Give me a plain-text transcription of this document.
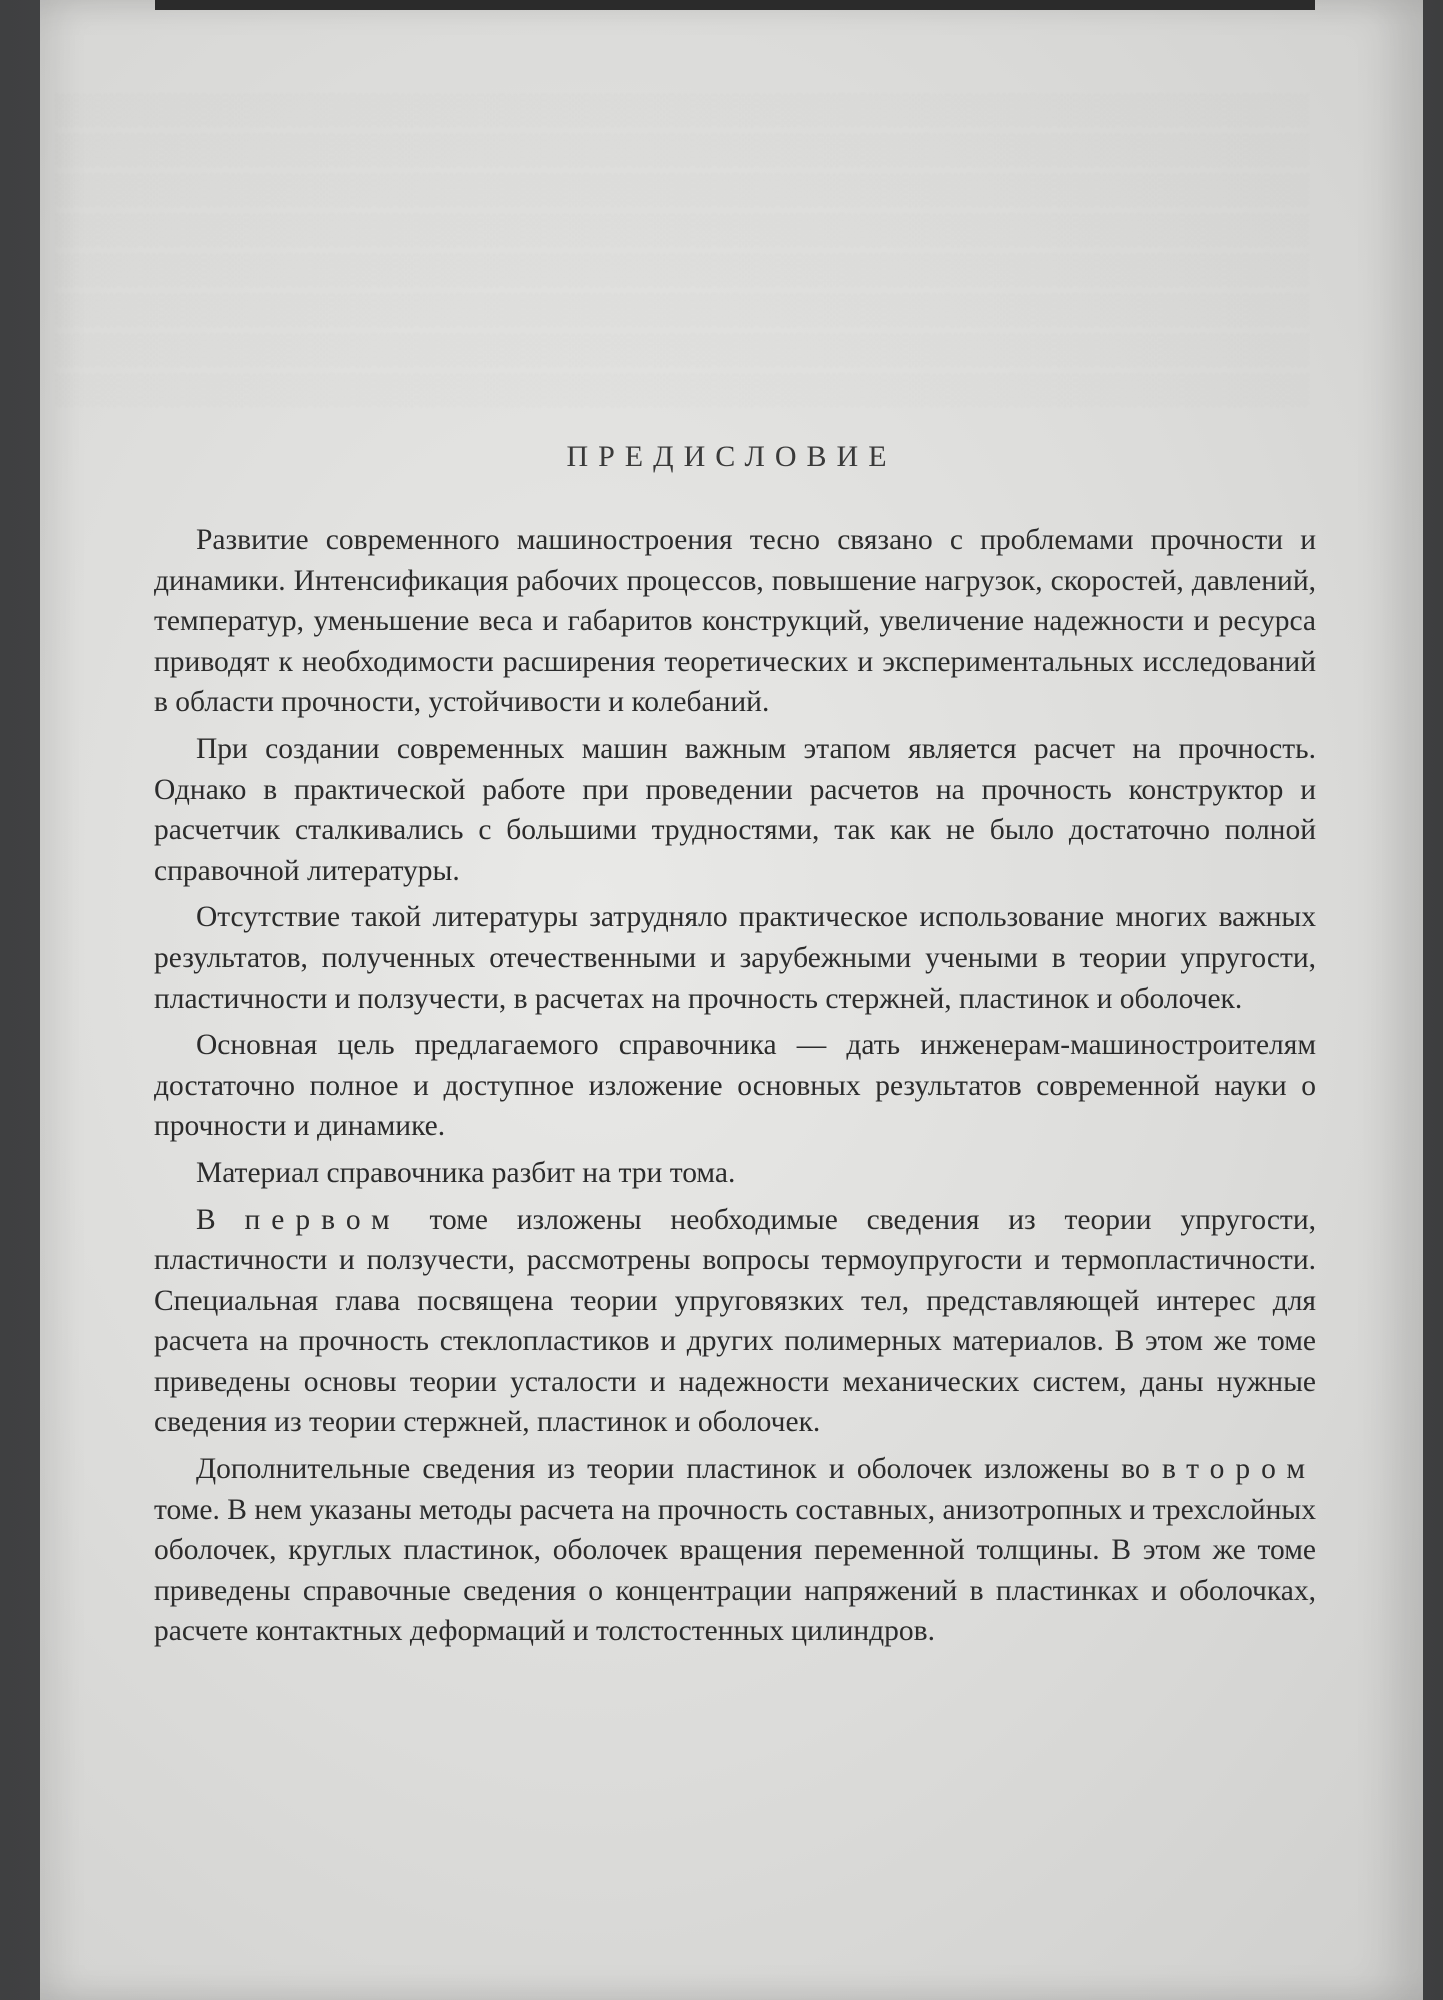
░░░░░░░░░░░░░░░░░░░░░░░░░░░░░░░░░░░░░░░░░░░░░░░░░░░░░░░░░░░
░░░░░░░░░░░░░░░░░░░░░░░░░░░░░░░░░░░░░░░░░░░░░░░░░░░░░░░░░░░
░░░░░░░░░░░░░░░░░░░░░░░░░░░░░░░░░░░░░░░░░░░░░░░░░░░░░░░░░░░
░░░░░░░░░░░░░░░░░░░░░░░░░░░░░░░░░░░░░░░░░░░░░░░░░░░░░░░░░░░
░░░░░░░░░░░░░░░░░░░░░░░░░░░░░░░░░░░░░░░░░░░░░░░░░░░░░░░░░░░
░░░░░░░░░░░░░░░░░░░░░░░░░░░░░░░░░░░░░░░░░░░░░░░░░░░░░░░░░░░
░░░░░░░░░░░░░░░░░░░░░░░░░░░░░░░░░░░░░░░░░░░░░░░░░░░░░░░░░░░
░░░░░░░░░░░░░░░░░░░░░░░░░░░░░░░░░░░░░░░░░░░░░░░░░░░░░░░░░░░
ПРЕДИСЛОВИЕ

Развитие современного машиностроения тесно связано с проблемами прочности и динамики. Интенсификация рабочих процессов, повышение нагрузок, скоростей, давлений, температур, уменьшение веса и габаритов конструкций, увеличение надежности и ресурса приводят к необходимости расширения теоретических и экспериментальных исследований в области прочности, устойчивости и колебаний.

При создании современных машин важным этапом является расчет на прочность. Однако в практической работе при проведении расчетов на прочность конструктор и расчетчик сталкивались с большими трудностями, так как не было достаточно полной справочной литературы.

Отсутствие такой литературы затрудняло практическое использование многих важных результатов, полученных отечественными и зарубежными учеными в теории упругости, пластичности и ползучести, в расчетах на прочность стержней, пластинок и оболочек.

Основная цель предлагаемого справочника — дать инженерам-машиностроителям достаточно полное и доступное изложение основных результатов современной науки о прочности и динамике.

Материал справочника разбит на три тома.

В первом томе изложены необходимые сведения из теории упругости, пластичности и ползучести, рассмотрены вопросы термоупругости и термопластичности. Специальная глава посвящена теории упруговязких тел, представляющей интерес для расчета на прочность стеклопластиков и других полимерных материалов. В этом же томе приведены основы теории усталости и надежности механических систем, даны нужные сведения из теории стержней, пластинок и оболочек.

Дополнительные сведения из теории пластинок и оболочек изложены во втором томе. В нем указаны методы расчета на прочность составных, анизотропных и трехслойных оболочек, круглых пластинок, оболочек вращения переменной толщины. В этом же томе приведены справочные сведения о концентрации напряжений в пластинках и оболочках, расчете контактных деформаций и толстостенных цилиндров.
